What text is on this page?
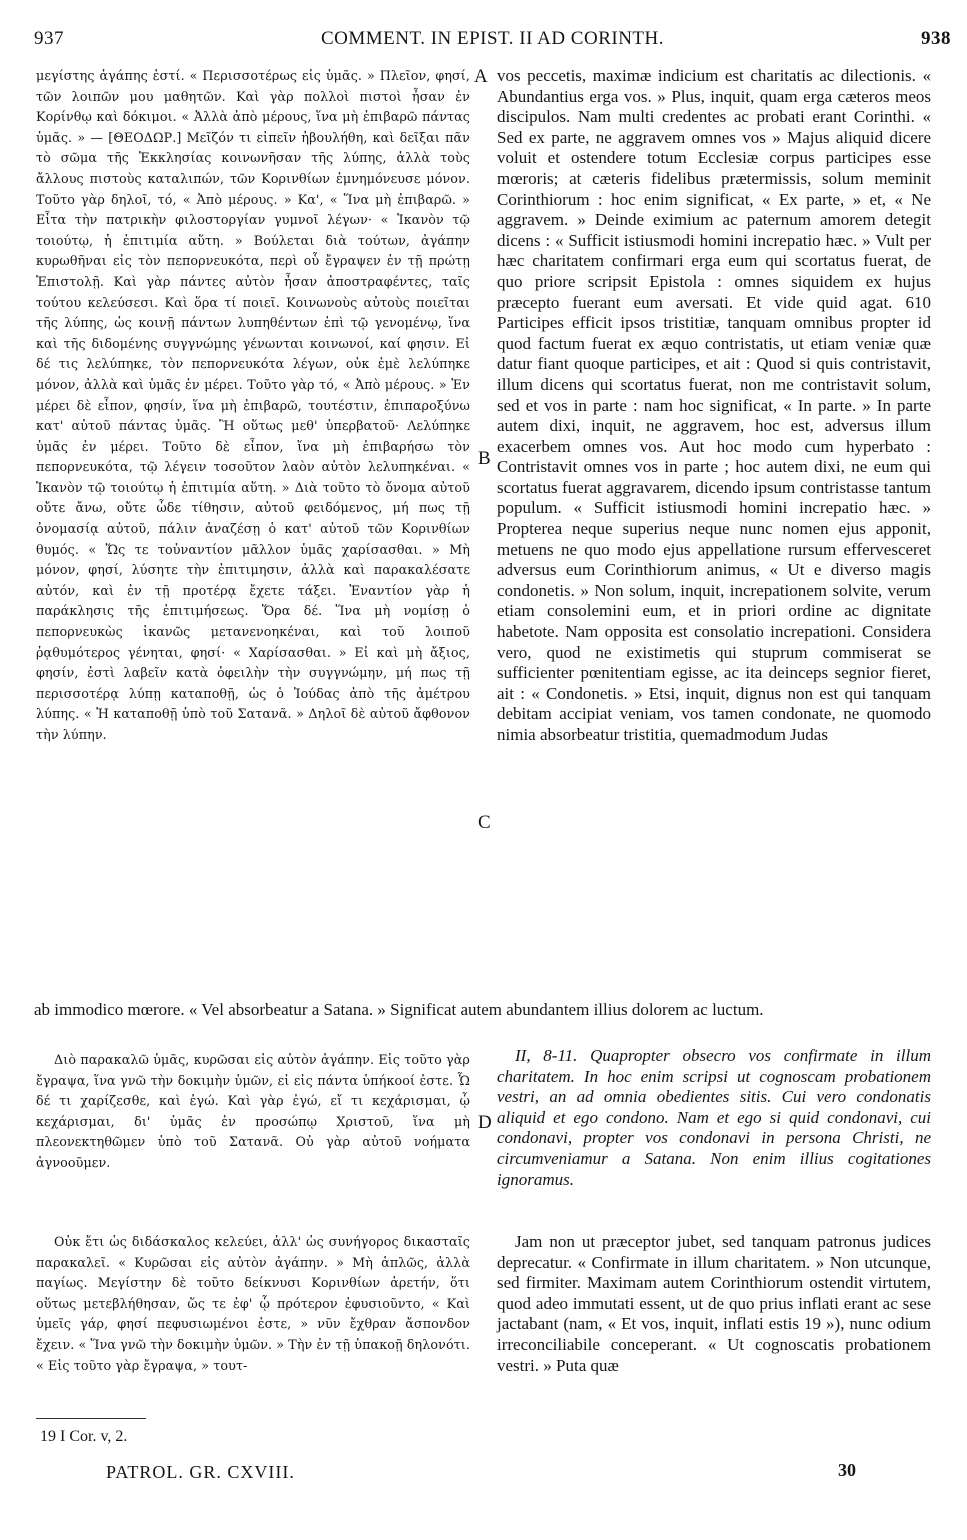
937	COMMENT. IN EPIST. II AD CORINTH.	938

μεγίστης ἀγάπης ἐστί. « Περισσοτέρως εἰς ὑμᾶς. » Πλεῖον, φησί, τῶν λοιπῶν μου μαθητῶν. Καὶ γὰρ πολλοὶ πιστοὶ ἦσαν ἐν Κορίνθῳ καὶ δόκιμοι. « Ἀλλὰ ἀπὸ μέρους, ἵνα μὴ ἐπιβαρῶ πάντας ὑμᾶς. » — [ΘΕΟΔΩΡ.] Μεῖζόν τι εἰπεῖν ἠβουλήθη, καὶ δεῖξαι πᾶν τὸ σῶμα τῆς Ἐκκλησίας κοινωνῆσαν τῆς λύπης, ἀλλὰ τοὺς ἄλλους πιστοὺς καταλιπών, τῶν Κορινθίων ἐμνημόνευσε μόνον. Τοῦτο γὰρ δηλοῖ, τό, « Ἀπὸ μέρους. » Κα', « Ἵνα μὴ ἐπιβαρῶ. » Εἶτα τὴν πατρικὴν φιλοστοργίαν γυμνοῖ λέγων· « Ἱκανὸν τῷ τοιούτῳ, ἡ ἐπιτιμία αὕτη. » Βούλεται διὰ τούτων, ἀγάπην κυρωθῆναι εἰς τὸν πεπορνευκότα, περὶ οὗ ἔγραψεν ἐν τῇ πρώτῃ Ἐπιστολῇ. Καὶ γὰρ πάντες αὐτὸν ἦσαν ἀποστραφέντες, ταῖς τούτου κελεύσεσι. Καὶ ὅρα τί ποιεῖ. Κοινωνοὺς αὐτοὺς ποιεῖται τῆς λύπης, ὡς κοινῇ πάντων λυπηθέντων ἐπὶ τῷ γενομένῳ, ἵνα καὶ τῆς διδομένης συγγνώμης γένωνται κοινωνοί, καί φησιν. Εἰ δέ τις λελύπηκε, τὸν πεπορνευκότα λέγων, οὐκ ἐμὲ λελύπηκε μόνον, ἀλλὰ καὶ ὑμᾶς ἐν μέρει. Τοῦτο γὰρ τό, « Ἀπὸ μέρους. » Ἐν μέρει δὲ εἶπον, φησίν, ἵνα μὴ ἐπιβαρῶ, τουτέστιν, ἐπιπαροξύνω κατ' αὐτοῦ πάντας ὑμᾶς. Ἢ οὕτως μεθ' ὑπερβατοῦ· Λελύπηκε ὑμᾶς ἐν μέρει. Τοῦτο δὲ εἶπον, ἵνα μὴ ἐπιβαρήσω τὸν πεπορνευκότα, τῷ λέγειν τοσοῦτον λαὸν αὐτὸν λελυπηκέναι. « Ἱκανὸν τῷ τοιούτῳ ἡ ἐπιτιμία αὕτη. » Διὰ τοῦτο τὸ ὄνομα αὐτοῦ οὔτε ἄνω, οὔτε ὧδε τίθησιν, αὐτοῦ φειδόμενος, μή πως τῇ ὀνομασίᾳ αὐτοῦ, πάλιν ἀναζέσῃ ὁ κατ' αὐτοῦ τῶν Κορινθίων θυμός. « Ὥς τε τοὐναντίον μᾶλλον ὑμᾶς χαρίσασθαι. » Μὴ μόνον, φησί, λύσητε τὴν ἐπιτιμησιν, ἀλλὰ καὶ παρακαλέσατε αὐτόν, καὶ ἐν τῇ προτέρᾳ ἔχετε τάξει. Ἐναντίον γὰρ ἡ παράκλησις τῆς ἐπιτιμήσεως. Ὅρα δέ. Ἵνα μὴ νομίσῃ ὁ πεπορνευκὼς ἱκανῶς μετανενοηκέναι, καὶ τοῦ λοιποῦ ῥᾳθυμότερος γένηται, φησί· « Χαρίσασθαι. » Εἰ καὶ μὴ ἄξιος, φησίν, ἐστὶ λαβεῖν κατὰ ὀφειλὴν τὴν συγγνώμην, μή πως τῇ περισσοτέρᾳ λύπῃ καταποθῇ, ὡς ὁ Ἰούδας ἀπὸ τῆς ἀμέτρου λύπης. « Ἡ καταποθῇ ὑπὸ τοῦ Σατανᾶ. » Δηλοῖ δὲ αὐτοῦ ἄφθονον τὴν λύπην.

vos peccetis, maximæ indicium est charitatis ac dilectionis. « Abundantius erga vos. » Plus, inquit, quam erga cæteros meos discipulos. Nam multi credentes ac probati erant Corinthi. « Sed ex parte, ne aggravem omnes vos » Majus aliquid dicere voluit et ostendere totum Ecclesiæ corpus participes esse mœroris; at cæteris fidelibus prætermissis, solum meminit Corinthiorum : hoc enim significat, « Ex parte, » et, « Ne aggravem. » Deinde eximium ac paternum amorem detegit dicens : « Sufficit istiusmodi homini increpatio hæc. » Vult per hæc charitatem confirmari erga eum qui scortatus fuerat, de quo priore scripsit Epistola : omnes siquidem ex hujus præcepto fuerant eum aversati. Et vide quid agat. 610 Participes efficit ipsos tristitiæ, tanquam omnibus propter id quod factum fuerat ex æquo contristatis, ut etiam veniæ quæ datur fiant quoque participes, et ait : Quod si quis contristavit, illum dicens qui scortatus fuerat, non me contristavit solum, sed et vos in parte : nam hoc significat, « In parte. » In parte autem dixi, inquit, ne aggravem, hoc est, adversus illum exacerbem omnes vos. Aut hoc modo cum hyperbato : Contristavit omnes vos in parte ; hoc autem dixi, ne eum qui scortatus fuerat aggravarem, dicendo ipsum contristasse tantum populum. « Sufficit istiusmodi homini increpatio hæc. » Propterea neque superius neque nunc nomen ejus apponit, metuens ne quo modo ejus appellatione rursum effervesceret adversus eum Corinthiorum animus, « Ut e diverso magis condonetis. » Non solum, inquit, increpationem solvite, verum etiam consolemini eum, et in priori ordine ac dignitate habetote. Nam opposita est consolatio increpationi. Considera vero, quod ne existimetis qui stuprum commiserat se sufficienter pœnitentiam egisse, ac ita deinceps segnior fieret, ait : « Condonetis. » Etsi, inquit, dignus non est qui tanquam debitam accipiat veniam, vos tamen condonate, ne quomodo nimia absorbeatur tristitia, quemadmodum Judas

A
B
C
D

ab immodico mœrore. « Vel absorbeatur a Satana. » Significat autem abundantem illius dolorem ac luctum.

Διὸ παρακαλῶ ὑμᾶς, κυρῶσαι εἰς αὐτὸν ἀγάπην. Εἰς τοῦτο γὰρ ἔγραψα, ἵνα γνῶ τὴν δοκιμὴν ὑμῶν, εἰ εἰς πάντα ὑπήκοοί ἐστε. Ὧ δέ τι χαρίζεσθε, καὶ ἐγώ. Καὶ γὰρ ἐγώ, εἴ τι κεχάρισμαι, ᾧ κεχάρισμαι, δι' ὑμᾶς ἐν προσώπῳ Χριστοῦ, ἵνα μὴ πλεονεκτηθῶμεν ὑπὸ τοῦ Σατανᾶ. Οὐ γὰρ αὐτοῦ νοήματα ἀγνοοῦμεν.

II, 8-11. Quapropter obsecro vos confirmate in illum charitatem. In hoc enim scripsi ut cognoscam probationem vestri, an ad omnia obedientes sitis. Cui vero condonatis aliquid et ego condono. Nam et ego si quid condonavi, cui condonavi, propter vos condonavi in persona Christi, ne circumveniamur a Satana. Non enim illius cogitationes ignoramus.

Οὐκ ἔτι ὡς διδάσκαλος κελεύει, ἀλλ' ὡς συνήγορος δικασταῖς παρακαλεῖ. « Κυρῶσαι εἰς αὐτὸν ἀγάπην. » Μὴ ἁπλῶς, ἀλλὰ παγίως. Μεγίστην δὲ τοῦτο δείκνυσι Κορινθίων ἀρετήν, ὅτι οὕτως μετεβλήθησαν, ὥς τε ἐφ' ᾧ πρότερον ἐφυσιοῦντο, « Καὶ ὑμεῖς γάρ, φησί πεφυσιωμένοι ἐστε, » νῦν ἔχθραν ἄσπονδον ἔχειν. « Ἵνα γνῶ τὴν δοκιμὴν ὑμῶν. » Τὴν ἐν τῇ ὑπακοῇ δηλονότι. « Εἰς τοῦτο γὰρ ἔγραψα, » τουτ-

Jam non ut præceptor jubet, sed tanquam patronus judices deprecatur. « Confirmate in illum charitatem. » Non utcunque, sed firmiter. Maximam autem Corinthiorum ostendit virtutem, quod adeo immutati essent, ut de quo prius inflati erant ac sese jactabant (nam, « Et vos, inquit, inflati estis 19 »), nunc odium irreconciliabile conceperant. « Ut cognoscatis probationem vestri. » Puta quæ

19 I Cor. v, 2.
PATROL. GR. CXVIII.	30
